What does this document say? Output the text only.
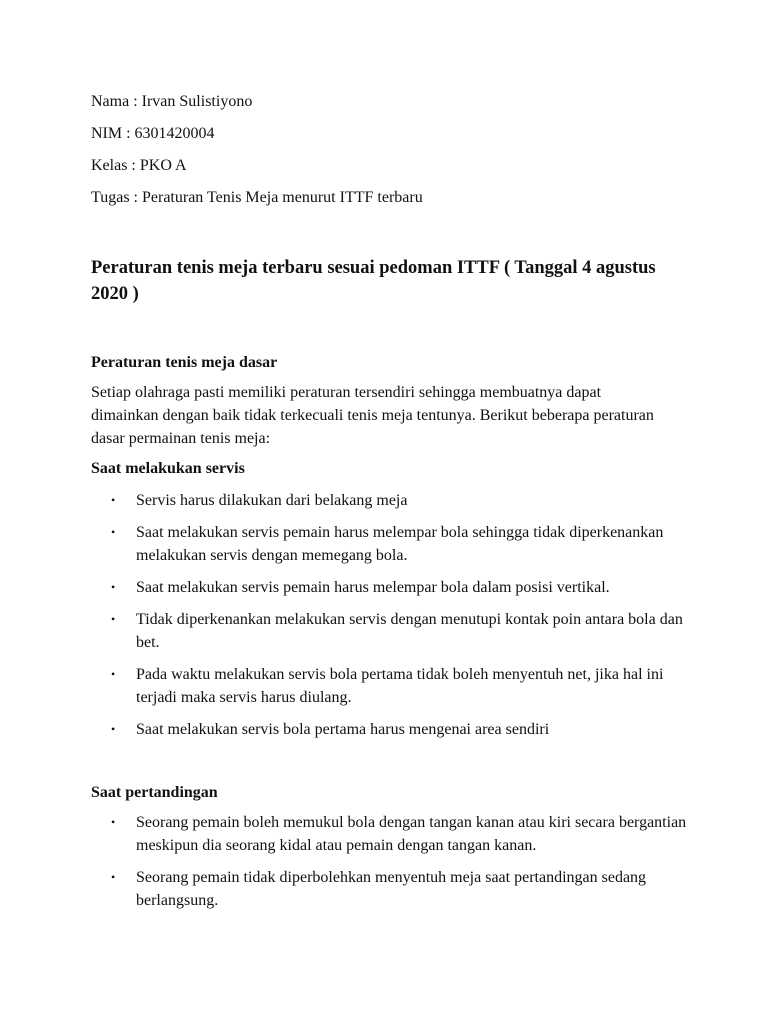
Nama : Irvan Sulistiyono

NIM : 6301420004

Kelas : PKO A

Tugas : Peraturan Tenis Meja menurut ITTF terbaru

Peraturan tenis meja terbaru sesuai pedoman ITTF ( Tanggal 4 agustus 2020 )
Peraturan tenis meja dasar

Setiap olahraga pasti memiliki peraturan tersendiri sehingga membuatnya dapat dimainkan dengan baik tidak terkecuali tenis meja tentunya. Berikut beberapa peraturan dasar permainan tenis meja:

Saat melakukan servis
• Servis harus dilakukan dari belakang meja
• Saat melakukan servis pemain harus melempar bola sehingga tidak diperkenankan melakukan servis dengan memegang bola.
• Saat melakukan servis pemain harus melempar bola dalam posisi vertikal.
• Tidak diperkenankan melakukan servis dengan menutupi kontak poin antara bola dan bet.
• Pada waktu melakukan servis bola pertama tidak boleh menyentuh net, jika hal ini terjadi maka servis harus diulang.
• Saat melakukan servis bola pertama harus mengenai area sendiri
Saat pertandingan
• Seorang pemain boleh memukul bola dengan tangan kanan atau kiri secara bergantian meskipun dia seorang kidal atau pemain dengan tangan kanan.
• Seorang pemain tidak diperbolehkan menyentuh meja saat pertandingan sedang berlangsung.
